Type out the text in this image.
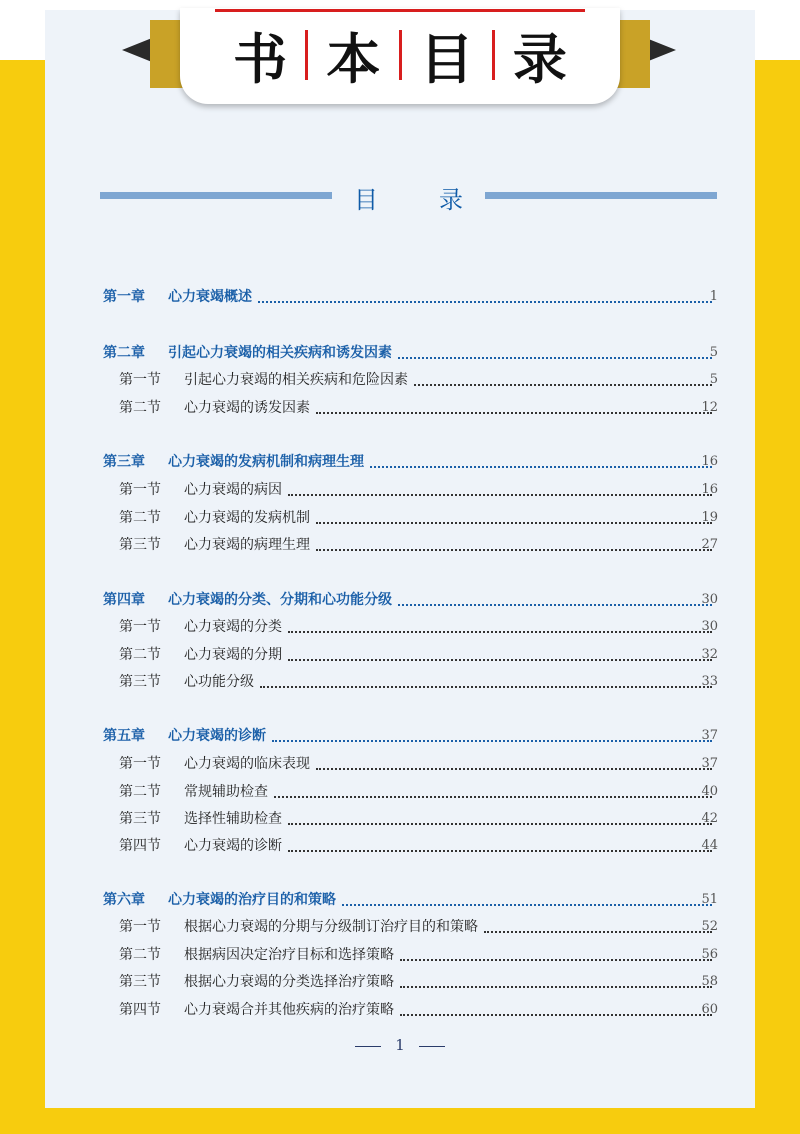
书 本 目 录
目	录
第一章 心力衰竭概述	1
第二章 引起心力衰竭的相关疾病和诱发因素	5
第一节 引起心力衰竭的相关疾病和危险因素	5
第二节 心力衰竭的诱发因素	12
第三章 心力衰竭的发病机制和病理生理	16
第一节 心力衰竭的病因	16
第二节 心力衰竭的发病机制	19
第三节 心力衰竭的病理生理	27
第四章 心力衰竭的分类、分期和心功能分级	30
第一节 心力衰竭的分类	30
第二节 心力衰竭的分期	32
第三节 心功能分级	33
第五章 心力衰竭的诊断	37
第一节 心力衰竭的临床表现	37
第二节 常规辅助检查	40
第三节 选择性辅助检查	42
第四节 心力衰竭的诊断	44
第六章 心力衰竭的治疗目的和策略	51
第一节 根据心力衰竭的分期与分级制订治疗目的和策略	52
第二节 根据病因决定治疗目标和选择策略	56
第三节 根据心力衰竭的分类选择治疗策略	58
第四节 心力衰竭合并其他疾病的治疗策略	60
1
